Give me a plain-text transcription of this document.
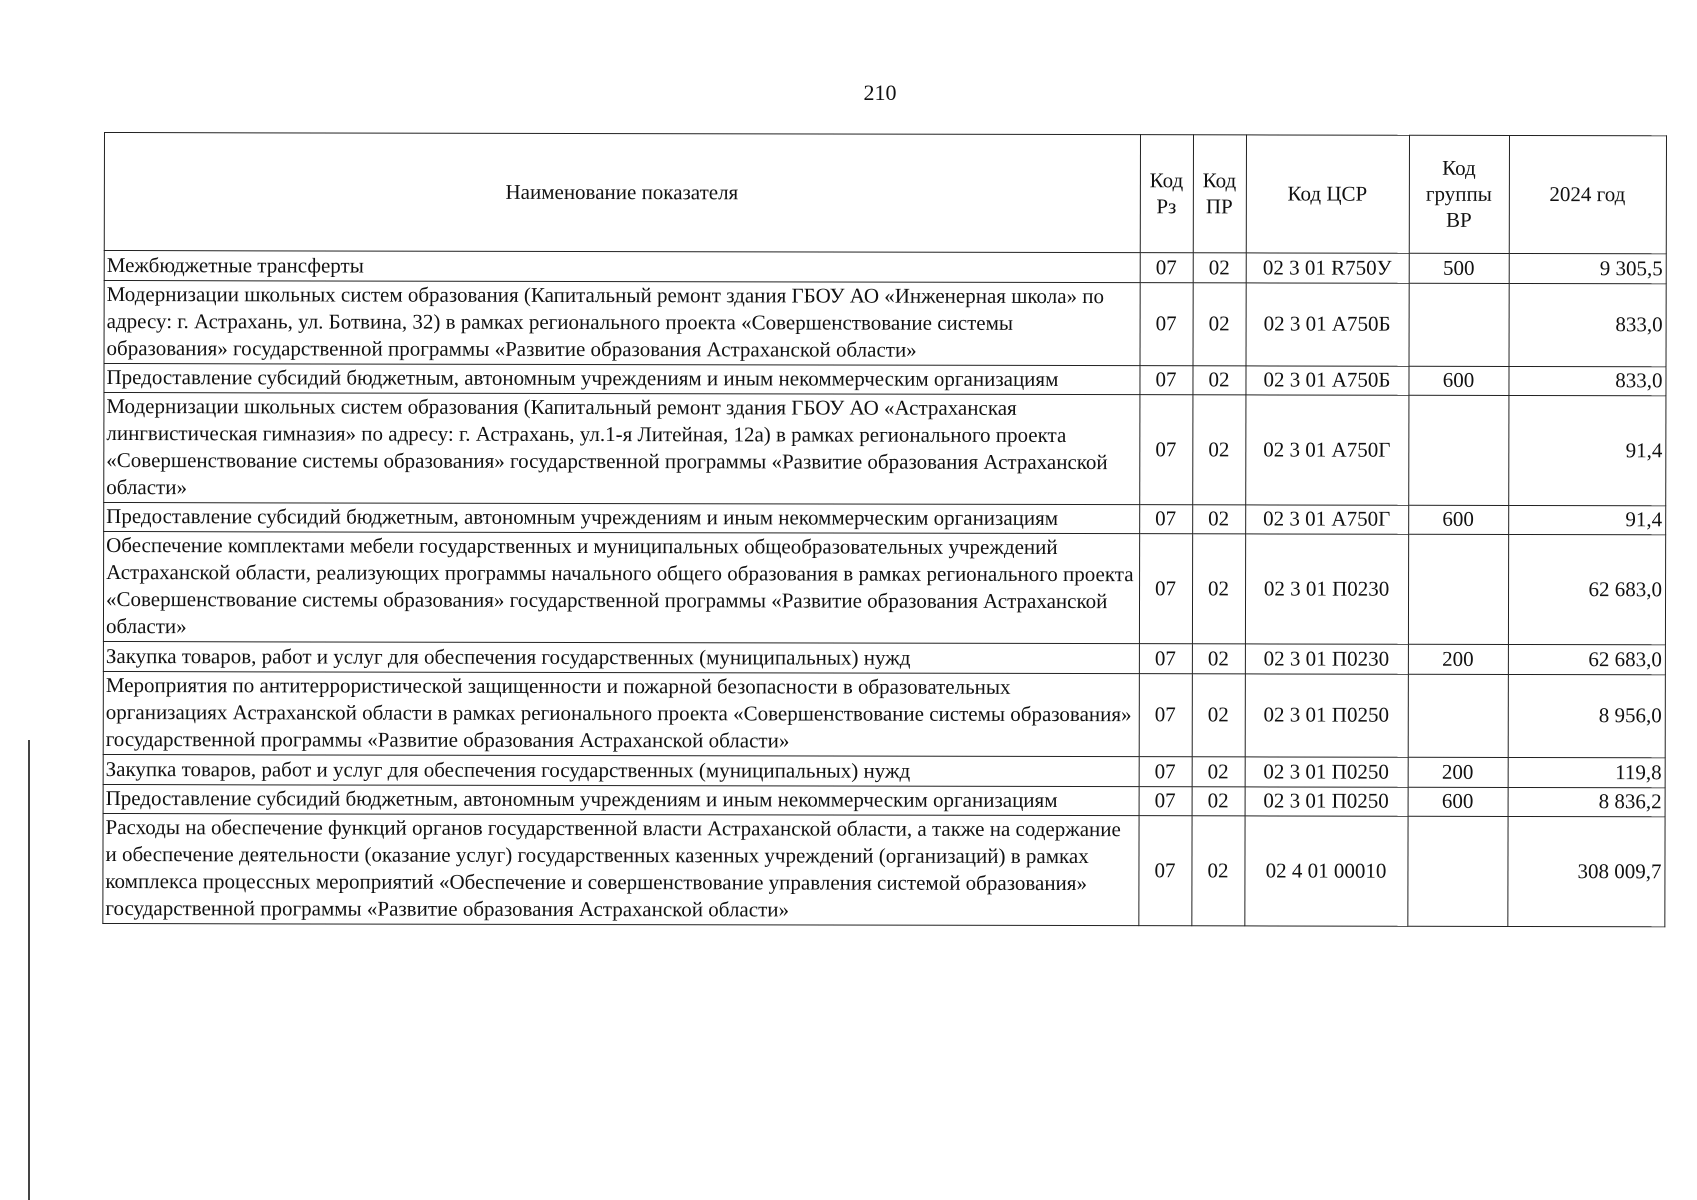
210
Наименование показателя	Код Рз	Код ПР	Код ЦСР	Код группы ВР	2024 год
Межбюджетные трансферты	07	02	02 3 01 R750У	500	9 305,5
Модернизации школьных систем образования (Капитальный ремонт здания ГБОУ АО «Инженерная школа» по адресу: г. Астрахань, ул. Ботвина, 32) в рамках регионального проекта «Совершенствование системы образования» государственной программы «Развитие образования Астраханской области»	07	02	02 3 01 А750Б		833,0
Предоставление субсидий бюджетным, автономным учреждениям и иным некоммерческим организациям	07	02	02 3 01 А750Б	600	833,0
Модернизации школьных систем образования (Капитальный ремонт здания ГБОУ АО «Астраханская лингвистическая гимназия» по адресу: г. Астрахань, ул.1-я Литейная, 12а) в рамках регионального проекта «Совершенствование системы образования» государственной программы «Развитие образования Астраханской области»	07	02	02 3 01 А750Г		91,4
Предоставление субсидий бюджетным, автономным учреждениям и иным некоммерческим организациям	07	02	02 3 01 А750Г	600	91,4
Обеспечение комплектами мебели государственных и муниципальных общеобразовательных учреждений Астраханской области, реализующих программы начального общего образования в рамках регионального проекта «Совершенствование системы образования» государственной программы «Развитие образования Астраханской области»	07	02	02 3 01 П0230		62 683,0
Закупка товаров, работ и услуг для обеспечения государственных (муниципальных) нужд	07	02	02 3 01 П0230	200	62 683,0
Мероприятия по антитеррористической защищенности и пожарной безопасности в образовательных организациях Астраханской области в рамках регионального проекта «Совершенствование системы образования» государственной программы «Развитие образования Астраханской области»	07	02	02 3 01 П0250		8 956,0
Закупка товаров, работ и услуг для обеспечения государственных (муниципальных) нужд	07	02	02 3 01 П0250	200	119,8
Предоставление субсидий бюджетным, автономным учреждениям и иным некоммерческим организациям	07	02	02 3 01 П0250	600	8 836,2
Расходы на обеспечение функций органов государственной власти Астраханской области, а также на содержание и обеспечение деятельности (оказание услуг) государственных казенных учреждений (организаций) в рамках комплекса процессных мероприятий «Обеспечение и совершенствование управления системой образования» государственной программы «Развитие образования Астраханской области»	07	02	02 4 01 00010		308 009,7
